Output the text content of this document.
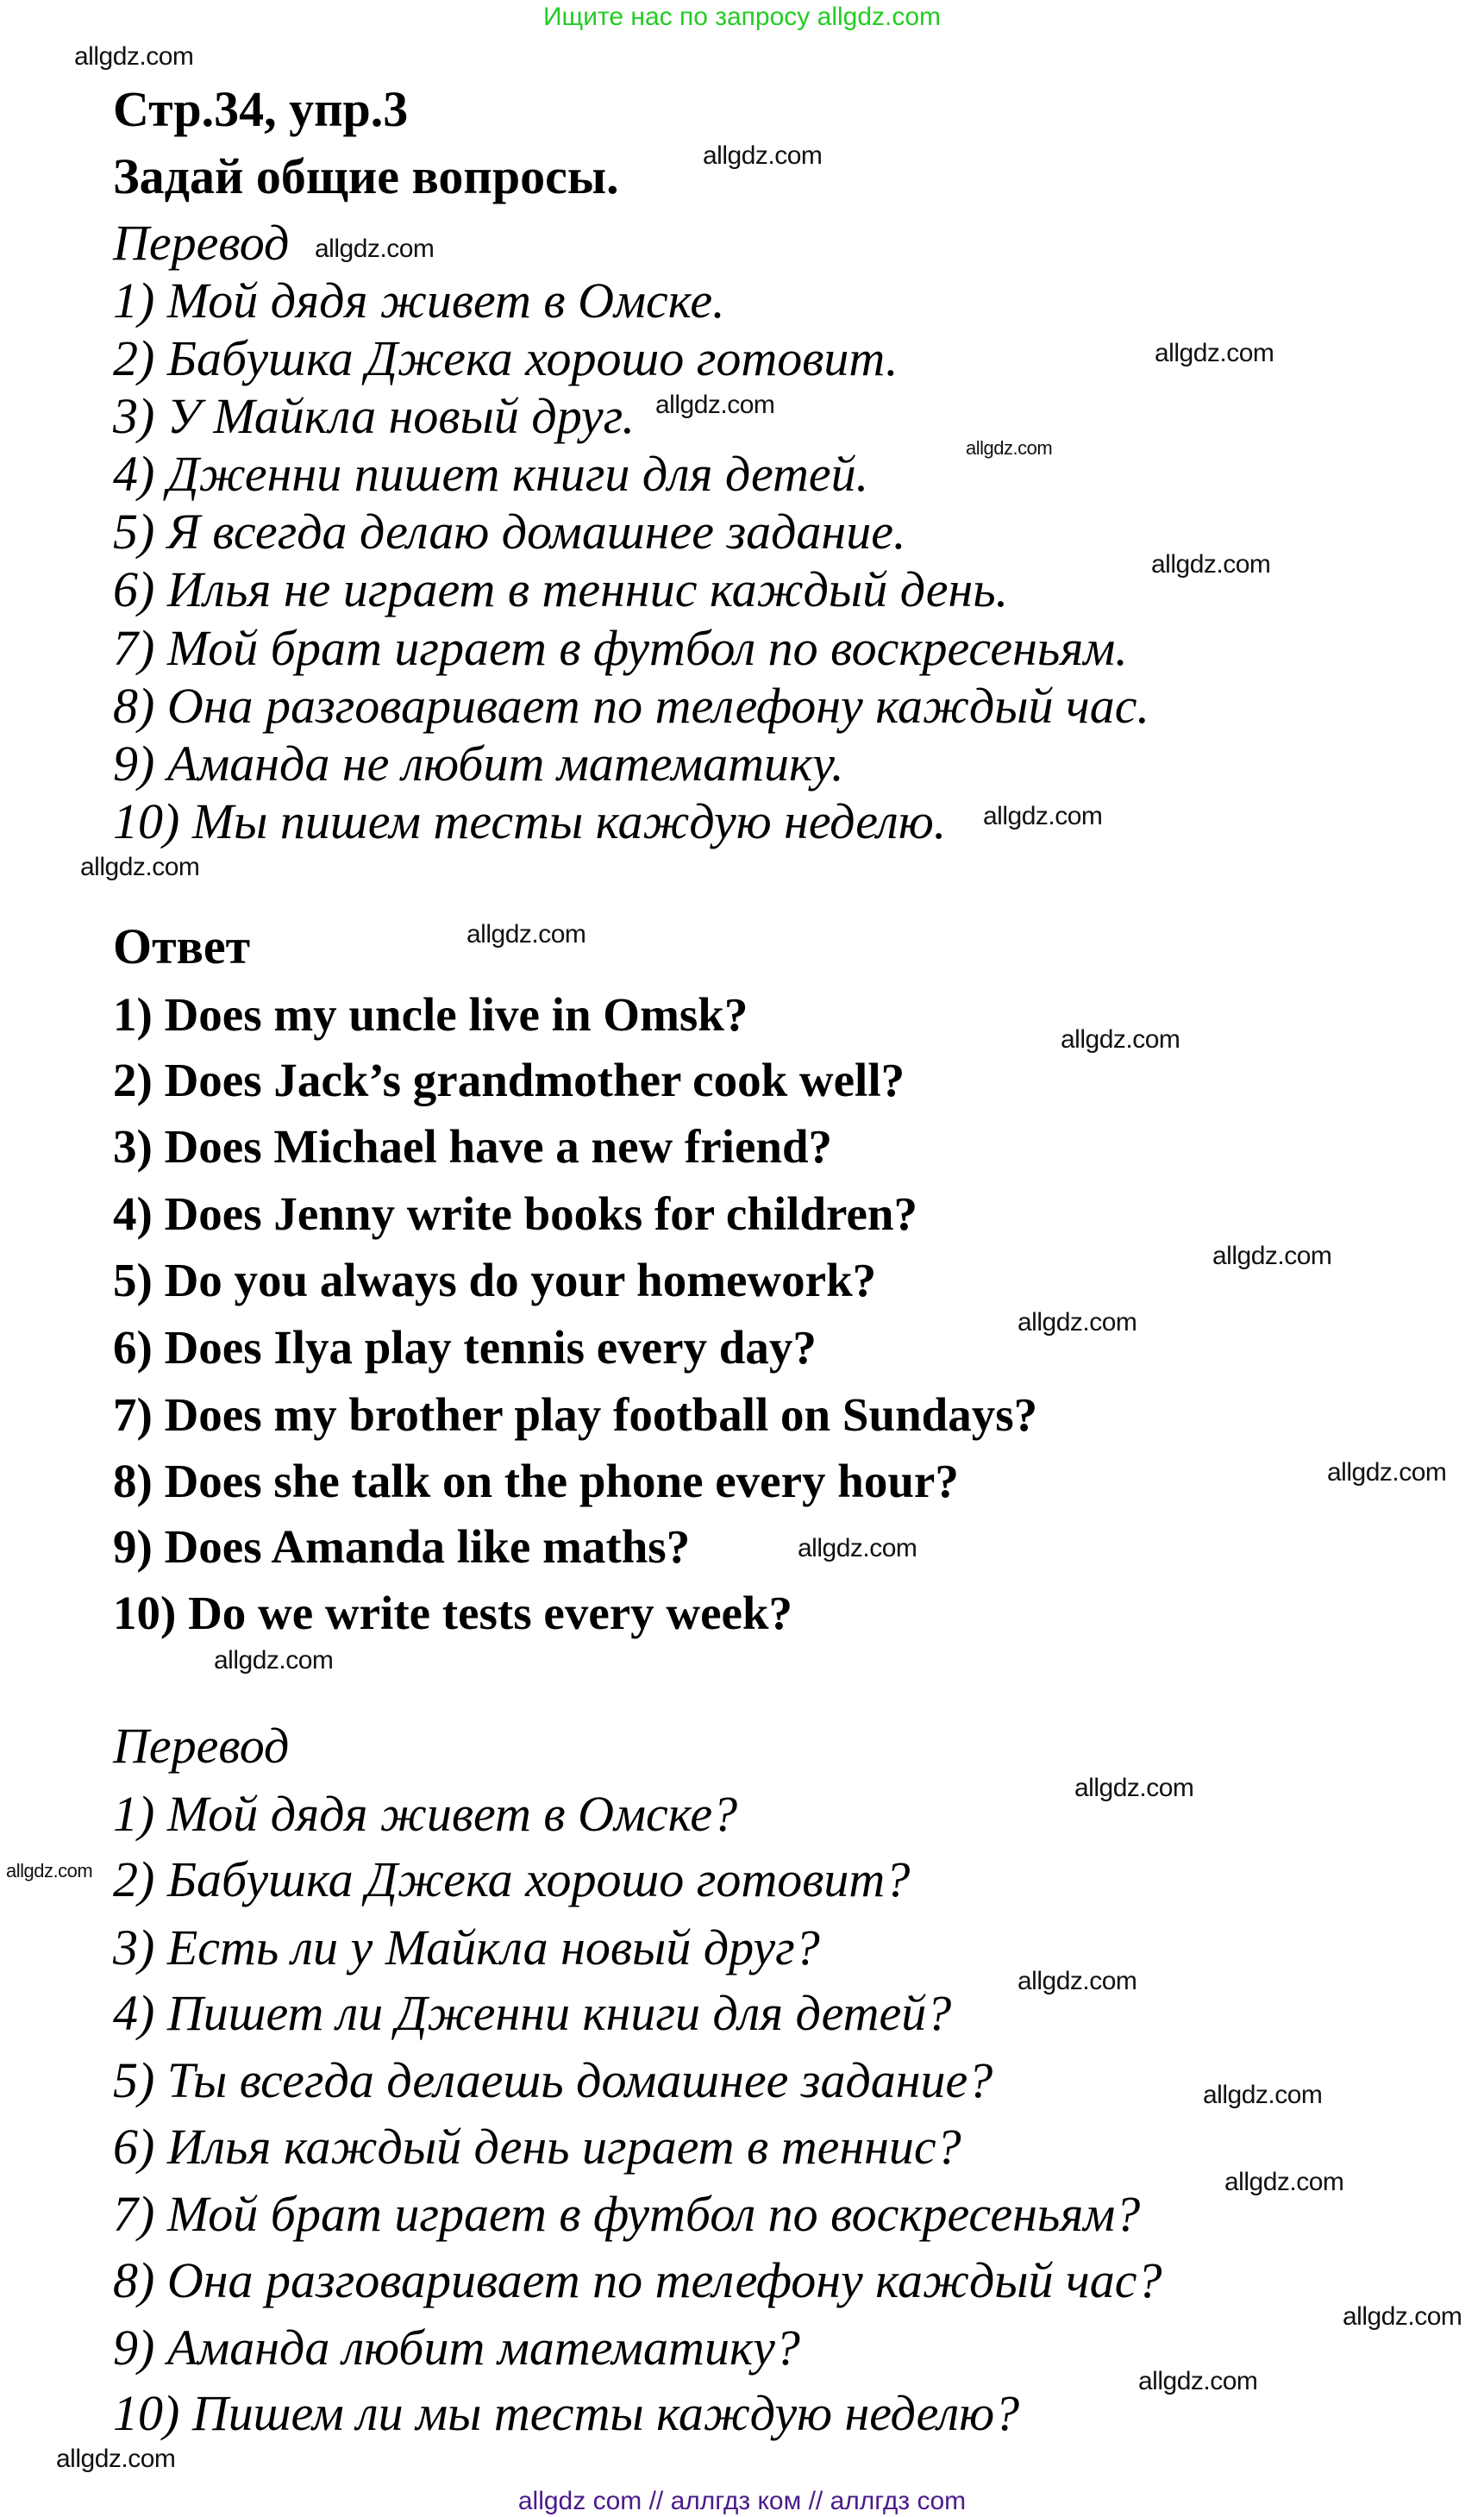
Ищите нас по запросу allgdz.com
Стр.34, упр.3
Задай общие вопросы.
Перевод
1) Мой дядя живет в Омске.
2) Бабушка Джека хорошо готовит.
3) У Майкла новый друг.
4) Дженни пишет книги для детей.
5) Я всегда делаю домашнее задание.
6) Илья не играет в теннис каждый день.
7) Мой брат играет в футбол по воскресеньям.
8) Она разговаривает по телефону каждый час.
9) Аманда не любит математику.
10) Мы пишем тесты каждую неделю.
Ответ
1) Does my uncle live in Omsk?
2) Does Jack’s grandmother cook well?
3) Does Michael have a new friend?
4) Does Jenny write books for children?
5) Do you always do your homework?
6) Does Ilya play tennis every day?
7) Does my brother play football on Sundays?
8) Does she talk on the phone every hour?
9) Does Amanda like maths?
10) Do we write tests every week?
Перевод
1) Мой дядя живет в Омске?
2) Бабушка Джека хорошо готовит?
3) Есть ли у Майкла новый друг?
4) Пишет ли Дженни книги для детей?
5) Ты всегда делаешь домашнее задание?
6) Илья каждый день играет в теннис?
7) Мой брат играет в футбол по воскресеньям?
8) Она разговаривает по телефону каждый час?
9) Аманда любит математику?
10) Пишем ли мы тесты каждую неделю?
allgdz.com
allgdz.com
allgdz.com
allgdz.com
allgdz.com
allgdz.com
allgdz.com
allgdz.com
allgdz.com
allgdz.com
allgdz.com
allgdz.com
allgdz.com
allgdz.com
allgdz.com
allgdz.com
allgdz.com
allgdz.com
allgdz.com
allgdz.com
allgdz.com
allgdz.com
allgdz.com
allgdz.com
allgdz com // аллгдз ком // аллгдз com
